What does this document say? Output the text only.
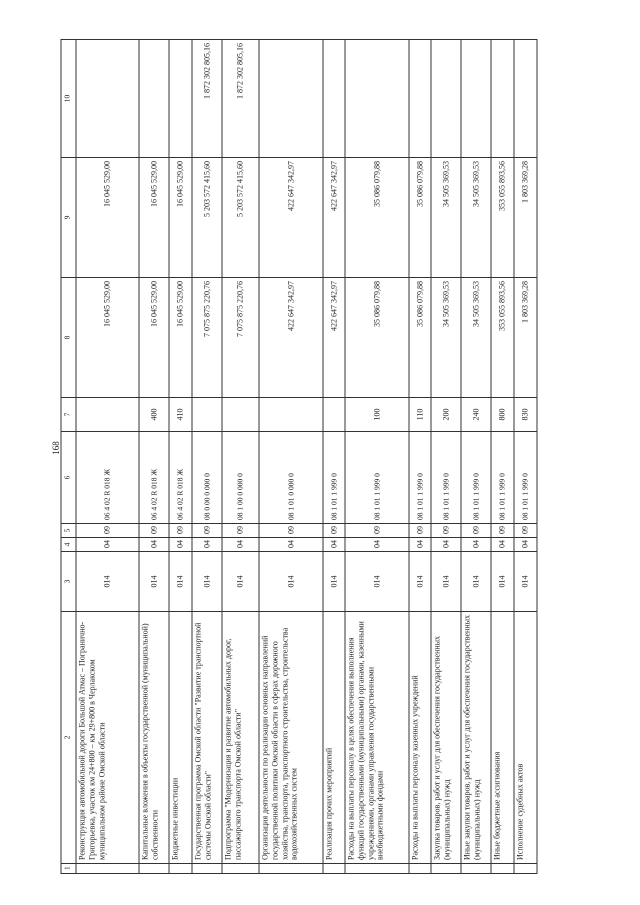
168
1	2	3	4	5	6	7	8	9	10
	Реконструкция автомобильной дороги Большой Атмас – Погранично-Григорьевка, участок км 24+800 – км 29+800 в Черлакском муниципальном районе Омской области	014	04	09	06 4 02 R 018 Ж		16 045 529,00	16 045 529,00	
	Капитальные вложения в объекты государственной (муниципальной) собственности	014	04	09	06 4 02 R 018 Ж	400	16 045 529,00	16 045 529,00	
	Бюджетные инвестиции	014	04	09	06 4 02 R 018 Ж	410	16 045 529,00	16 045 529,00	
	Государственная программа Омской области "Развитие транспортной системы Омской области"	014	04	09	08 0 00 0 000 0		7 075 875 220,76	5 203 572 415,60	1 872 302 805,16
	Подпрограмма "Модернизация и развитие автомобильных дорог, пассажирского транспорта Омской области"	014	04	09	08 1 00 0 000 0		7 075 875 220,76	5 203 572 415,60	1 872 302 805,16
	Организация деятельности по реализации основных направлений государственной политики Омской области в сферах дорожного хозяйства, транспорта, транспортного строительства, строительства водохозяйственных систем	014	04	09	08 1 01 0 000 0		422 647 342,97	422 647 342,97	
	Реализация прочих мероприятий	014	04	09	08 1 01 1 999 0		422 647 342,97	422 647 342,97	
	Расходы на выплаты персоналу в целях обеспечения выполнения функций государственными (муниципальными) органами, казенными учреждениями, органами управления государственными внебюджетными фондами	014	04	09	08 1 01 1 999 0	100	35 086 079,88	35 086 079,88	
	Расходы на выплаты персоналу казенных учреждений	014	04	09	08 1 01 1 999 0	110	35 086 079,88	35 086 079,88	
	Закупка товаров, работ и услуг для обеспечения государственных (муниципальных) нужд	014	04	09	08 1 01 1 999 0	200	34 505 369,53	34 505 369,53	
	Иные закупки товаров, работ и услуг для обеспечения государственных (муниципальных) нужд	014	04	09	08 1 01 1 999 0	240	34 505 369,53	34 505 369,53	
	Иные бюджетные ассигнования	014	04	09	08 1 01 1 999 0	800	353 055 893,56	353 055 893,56	
	Исполнение судебных актов	014	04	09	08 1 01 1 999 0	830	1 803 369,28	1 803 369,28	
